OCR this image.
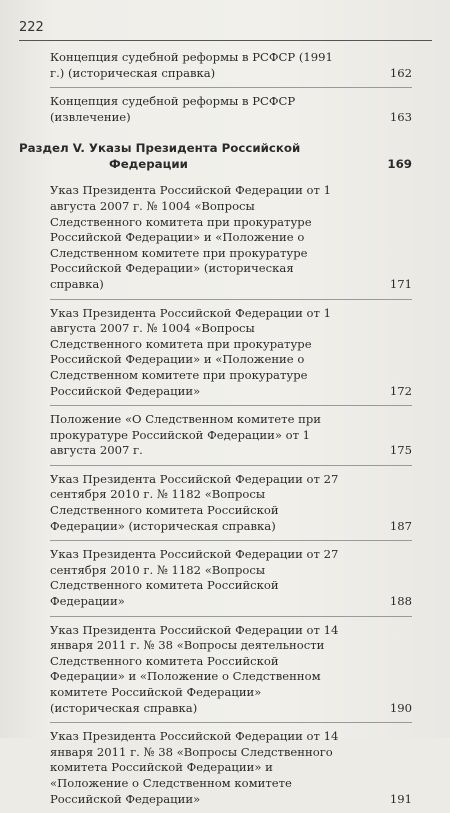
222
Концепция судебной реформы в РСФСР (1991 г.) (историческая справка)	162
Концепция судебной реформы в РСФСР (извлечение)	163
Раздел V. Указы Президента Российской
Федерации	169
Указ Президента Российской Федерации от 1 августа 2007 г. № 1004 «Вопросы Следственного комитета при прокуратуре Российской Федерации» и «Положение о Следственном комитете при прокуратуре Российской Федерации» (историческая справка)	171
Указ Президента Российской Федерации от 1 августа 2007 г. № 1004 «Вопросы Следственного комитета при прокуратуре Российской Федерации» и «Положение о Следственном комитете при прокуратуре Российской Федерации»	172
Положение «О Следственном комитете при прокуратуре Российской Федерации» от 1 августа 2007 г.	175
Указ Президента Российской Федерации от 27 сентября 2010 г. № 1182 «Вопросы Следственного комитета Российской Федерации» (историческая справка)	187
Указ Президента Российской Федерации от 27 сентября 2010 г. № 1182 «Вопросы Следственного комитета Российской Федерации»	188
Указ Президента Российской Федерации от 14 января 2011 г. № 38 «Вопросы деятельности Следственного комитета Российской Федерации» и «Положение о Следственном комитете Российской Федерации» (историческая справка)	190
Указ Президента Российской Федерации от 14 января 2011 г. № 38 «Вопросы Следственного комитета Российской Федерации» и «Положение о Следственном комитете Российской Федерации»	191
